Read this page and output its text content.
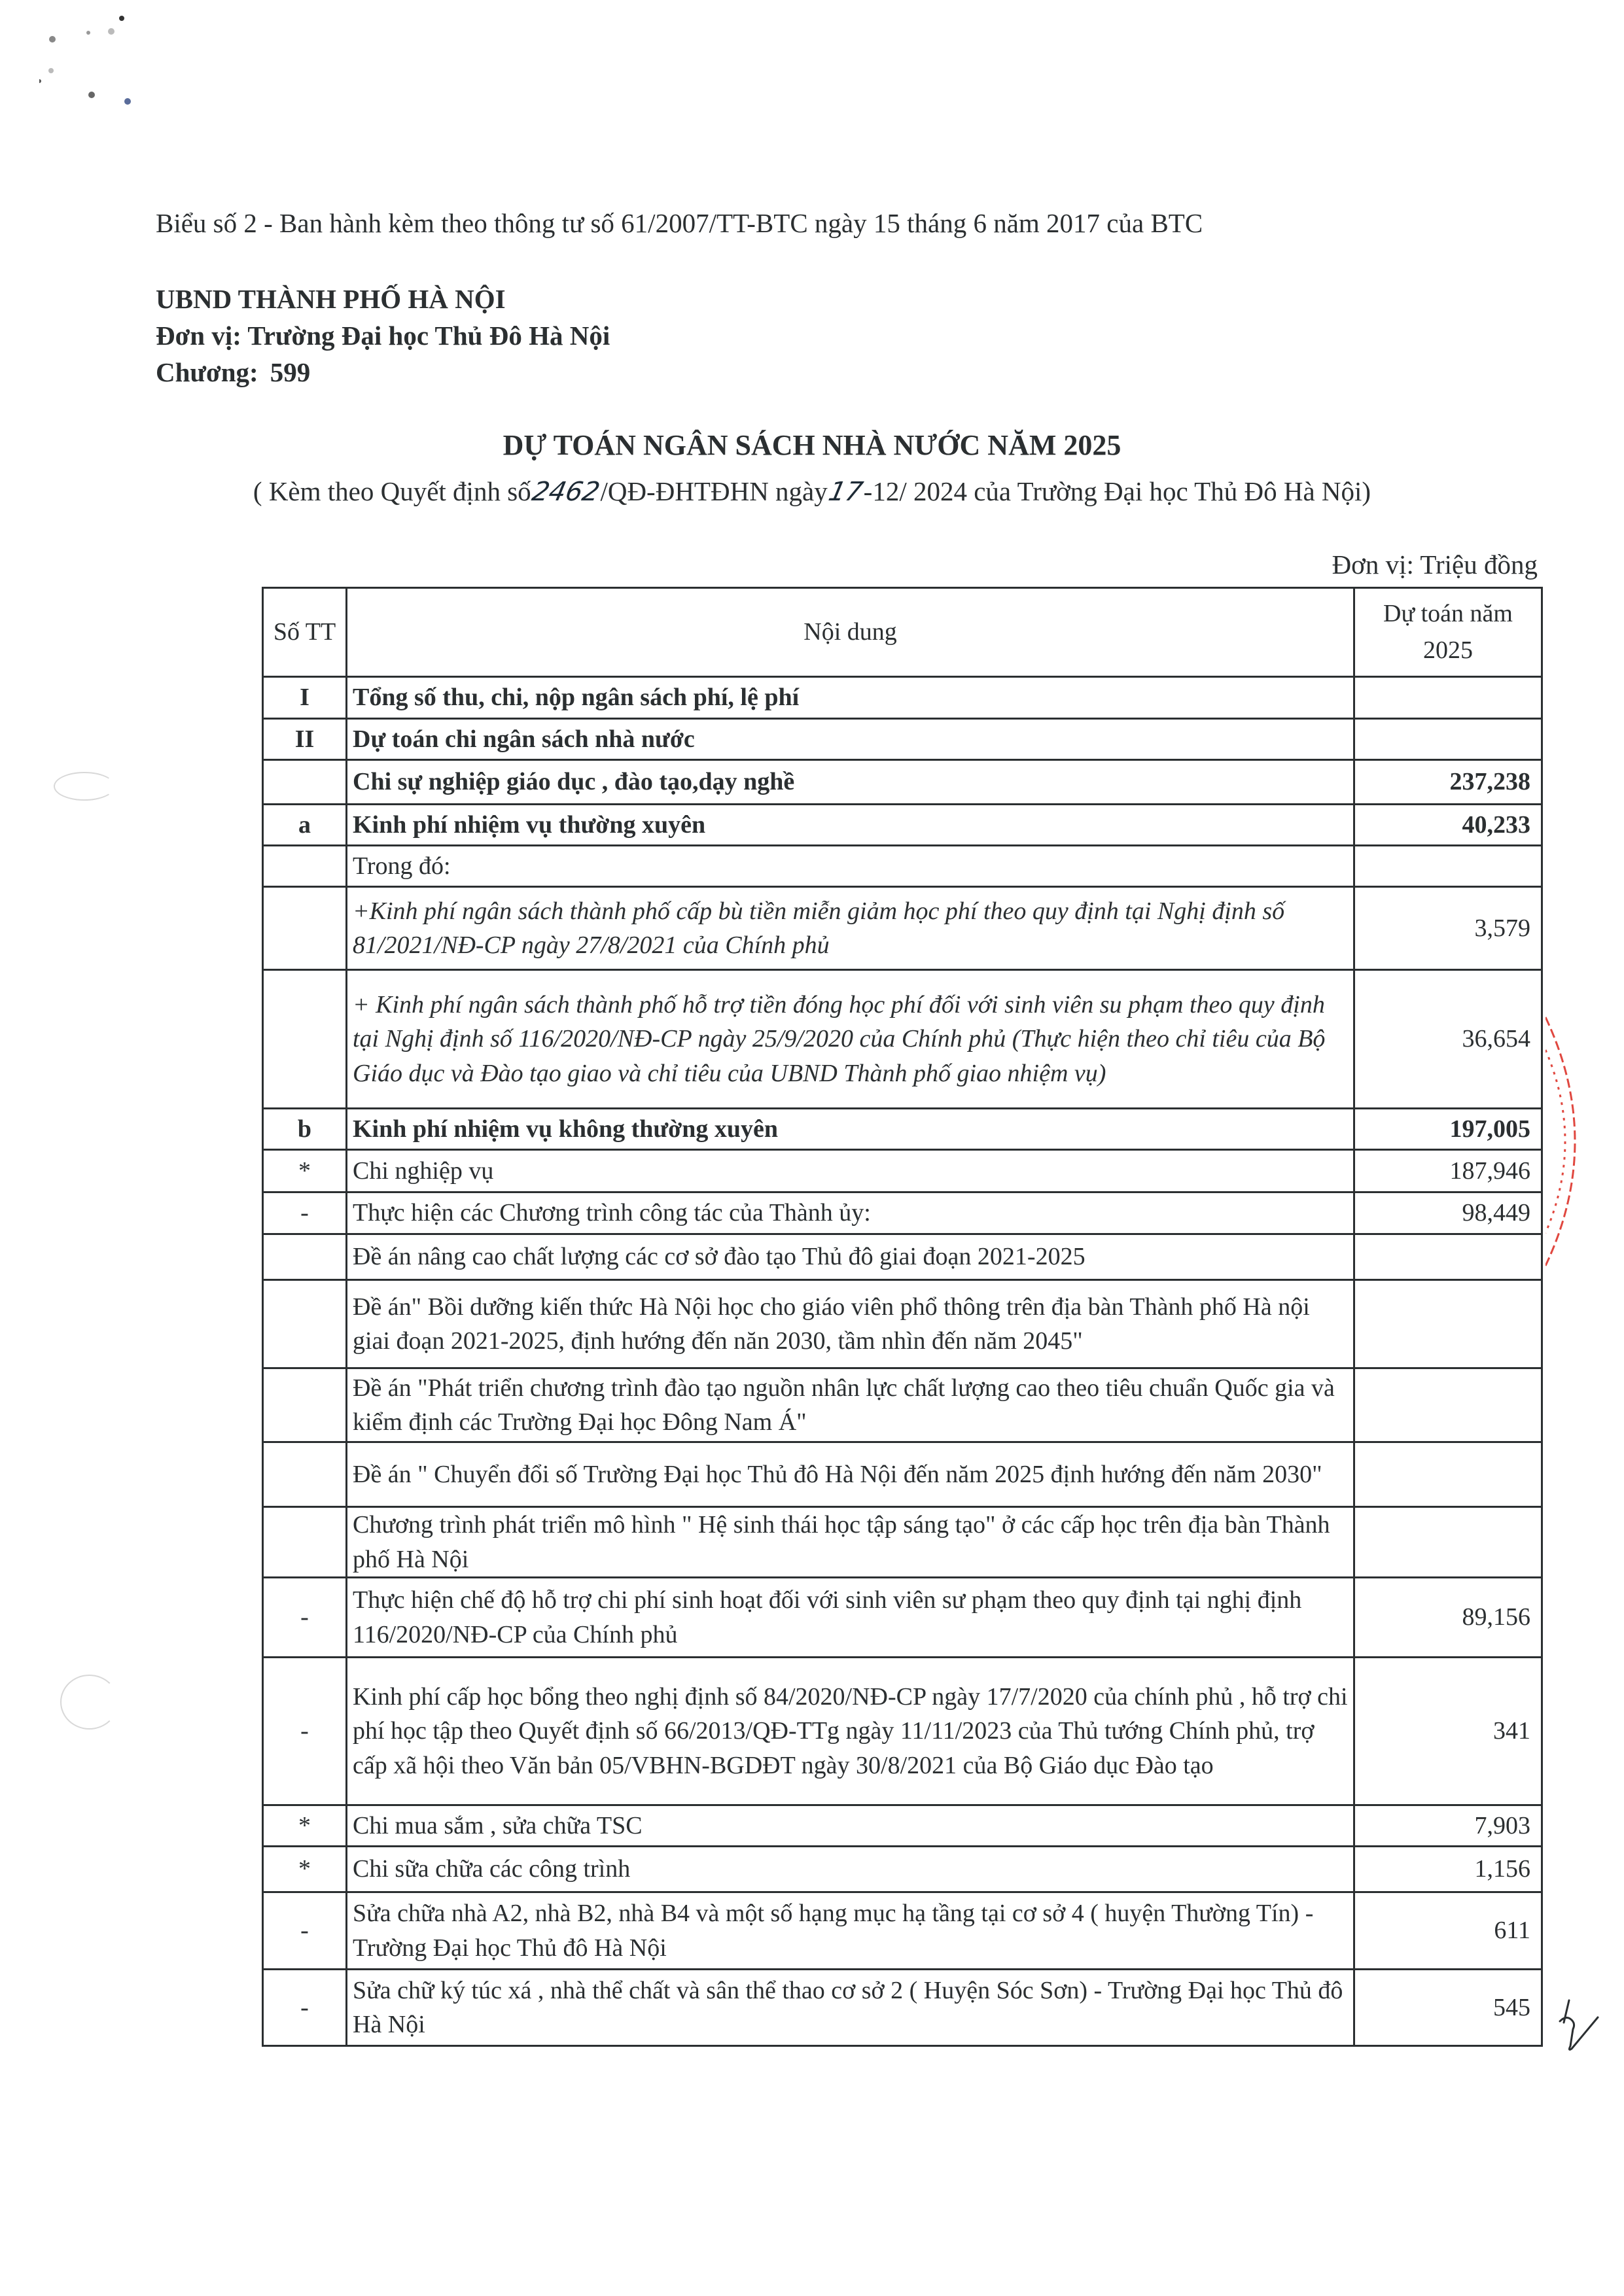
Biểu số 2 - Ban hành kèm theo thông tư số 61/2007/TT-BTC ngày 15 tháng 6 năm 2017 của BTC
UBND THÀNH PHỐ HÀ NỘI
Đơn vị: Trường Đại học Thủ Đô Hà Nội
Chương: 599
DỰ TOÁN NGÂN SÁCH NHÀ NƯỚC NĂM 2025
( Kèm theo Quyết định số2462/QĐ-ĐHTĐHN ngày17-12/ 2024 của Trường Đại học Thủ Đô Hà Nội)
Đơn vị: Triệu đồng
Số TT	Nội dung	Dự toán năm 2025
I	Tổng số thu, chi, nộp ngân sách phí, lệ phí	
II	Dự toán chi ngân sách nhà nước	
	Chi sự nghiệp giáo dục , đào tạo,dạy nghề	237,238
a	Kinh phí nhiệm vụ thường xuyên	40,233
	Trong đó:	
	+Kinh phí ngân sách thành phố cấp bù tiền miễn giảm học phí theo quy định tại Nghị định số 81/2021/NĐ-CP ngày 27/8/2021 của Chính phủ	3,579
	+ Kinh phí ngân sách thành phố hỗ trợ tiền đóng học phí đối với sinh viên su phạm theo quy định tại Nghị định số 116/2020/NĐ-CP ngày 25/9/2020 của Chính phủ (Thực hiện theo chỉ tiêu của Bộ Giáo dục và Đào tạo giao và chỉ tiêu của UBND Thành phố giao nhiệm vụ)	36,654
b	Kinh phí nhiệm vụ không thường xuyên	197,005
*	Chi nghiệp vụ	187,946
-	Thực hiện các Chương trình công tác của Thành ủy:	98,449
	Đề án nâng cao chất lượng các cơ sở đào tạo Thủ đô giai đoạn 2021-2025	
	Đề án" Bồi dưỡng kiến thức Hà Nội học cho giáo viên phổ thông trên địa bàn Thành phố Hà nội giai đoạn 2021-2025, định hướng đến năn 2030, tầm nhìn đến năm 2045"	
	Đề án "Phát triển chương trình đào tạo nguồn nhân lực chất lượng cao theo tiêu chuẩn Quốc gia và kiểm định các Trường Đại học Đông Nam Á"	
	Đề án " Chuyển đổi số Trường Đại học Thủ đô Hà Nội đến năm 2025 định hướng đến năm 2030"	
	Chương trình phát triển mô hình " Hệ sinh thái học tập sáng tạo" ở các cấp học trên địa bàn Thành phố Hà Nội	
-	Thực hiện chế độ hỗ trợ chi phí sinh hoạt đối với sinh viên sư phạm theo quy định tại nghị định 116/2020/NĐ-CP của Chính phủ	89,156
-	Kinh phí cấp học bổng theo nghị định số 84/2020/NĐ-CP ngày 17/7/2020 của chính phủ , hỗ trợ chi phí học tập theo Quyết định số 66/2013/QĐ-TTg ngày 11/11/2023 của Thủ tướng Chính phủ, trợ cấp xã hội theo Văn bản 05/VBHN-BGDĐT ngày 30/8/2021 của Bộ Giáo dục Đào tạo	341
*	Chi mua sắm , sửa chữa TSC	7,903
*	Chi sữa chữa các công trình	1,156
-	Sửa chữa nhà A2, nhà B2, nhà B4 và một số hạng mục hạ tầng tại cơ sở 4 ( huyện Thường Tín) - Trường Đại học Thủ đô Hà Nội	611
-	Sửa chữ ký túc xá , nhà thể chất và sân thể thao cơ sở 2 ( Huyện Sóc Sơn) - Trường Đại học Thủ đô Hà Nội	545
